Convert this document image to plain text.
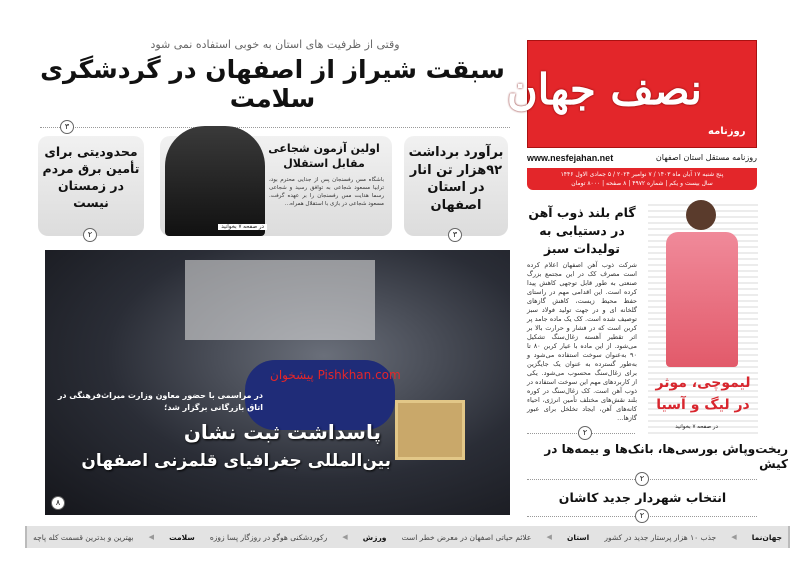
وقتی از ظرفیت های استان به خوبی استفاده نمی شود
سبقت شیراز از اصفهان در گردشگری سلامت
۳
برآورد برداشت ۹۲هزار تن انار در استان اصفهان
۳
اولین آزمون شجاعی مقابل استقلال
باشگاه مس رفسنجان پس از جدایی محترم بود، ترابیا مسعود شجاعی به توافق رسید و شجاعی رسما هدایت مس رفسنجان را بر عهده گرفت. مسعود شجاعی در بازی با استقلال همراه...
در صفحه ۷ بخوانید
محدودیتی برای تأمین برق مردم در زمستان نیست
۲
پیشخوان Pishkhan.com
در مراسمی با حضور معاون وزارت میراث‌فرهنگی در اتاق بازرگانی برگزار شد؛
پاسداشت ثبت نشان
بین‌المللی جغرافیای قلمزنی اصفهان
۸
نصف جهان
روزنامه
روزنامه مستقل استان اصفهان
www.nesfejahan.net
پنج شنبه ۱۷ آبان ماه ۱۴۰۳ / ۷ نوامبر ۲۰۲۴ / ۵ جمادی الاول ۱۴۴۶
سال بیست و یکم | شماره ۴۹۷۲ | ۸ صفحه | ۸۰۰۰ تومان
گام بلند ذوب آهن در دستیابی به تولیدات سبز
شرکت ذوب آهن اصفهان اعلام کرده است مصرف کک در این مجتمع بزرگ صنعتی به طور قابل توجهی کاهش پیدا کرده است. این اقدامی مهم در راستای حفظ محیط زیست، کاهش گازهای گلخانه ای و در جهت تولید فولاد سبز توصیف شده است. کک یک ماده جامد پر کربن است که در فشار و حرارت بالا بر اثر تقطیر آهسته زغال‌سنگ تشکیل می‌شود. از این ماده با عیار کربن ۸۰ تا ۹۰ به‌عنوان سوخت استفاده می‌شود و به‌طور گسترده به عنوان یک جایگزین برای زغال‌سنگ محسوب می‌شود. یکی از کاربردهای مهم این سوخت استفاده در ذوب آهن است. کک زغال‌سنگ در کوره بلند نقش‌های مختلف تأمین انرژی، احیاء کانه‌های آهن، ایجاد تخلخل برای عبور گازها...
۲
لیموچی، موثر در لیگ و آسیا
در صفحه ۷ بخوانید
ریخت‌وپاش بورسی‌ها، بانک‌ها و بیمه‌ها در کیش
۲
انتخاب شهردار جدید کاشان
۲
جهان‌نما
◀
جذب ۱۰ هزار پرستار جدید در کشور
استان
◀
علائم حیاتی اصفهان در معرض خطر است
ورزش
◀
رکوردشکنی هوگو در روزگار پسا زوزه
سلامت
◀
بهترین و بدترین قسمت کله پاچه
